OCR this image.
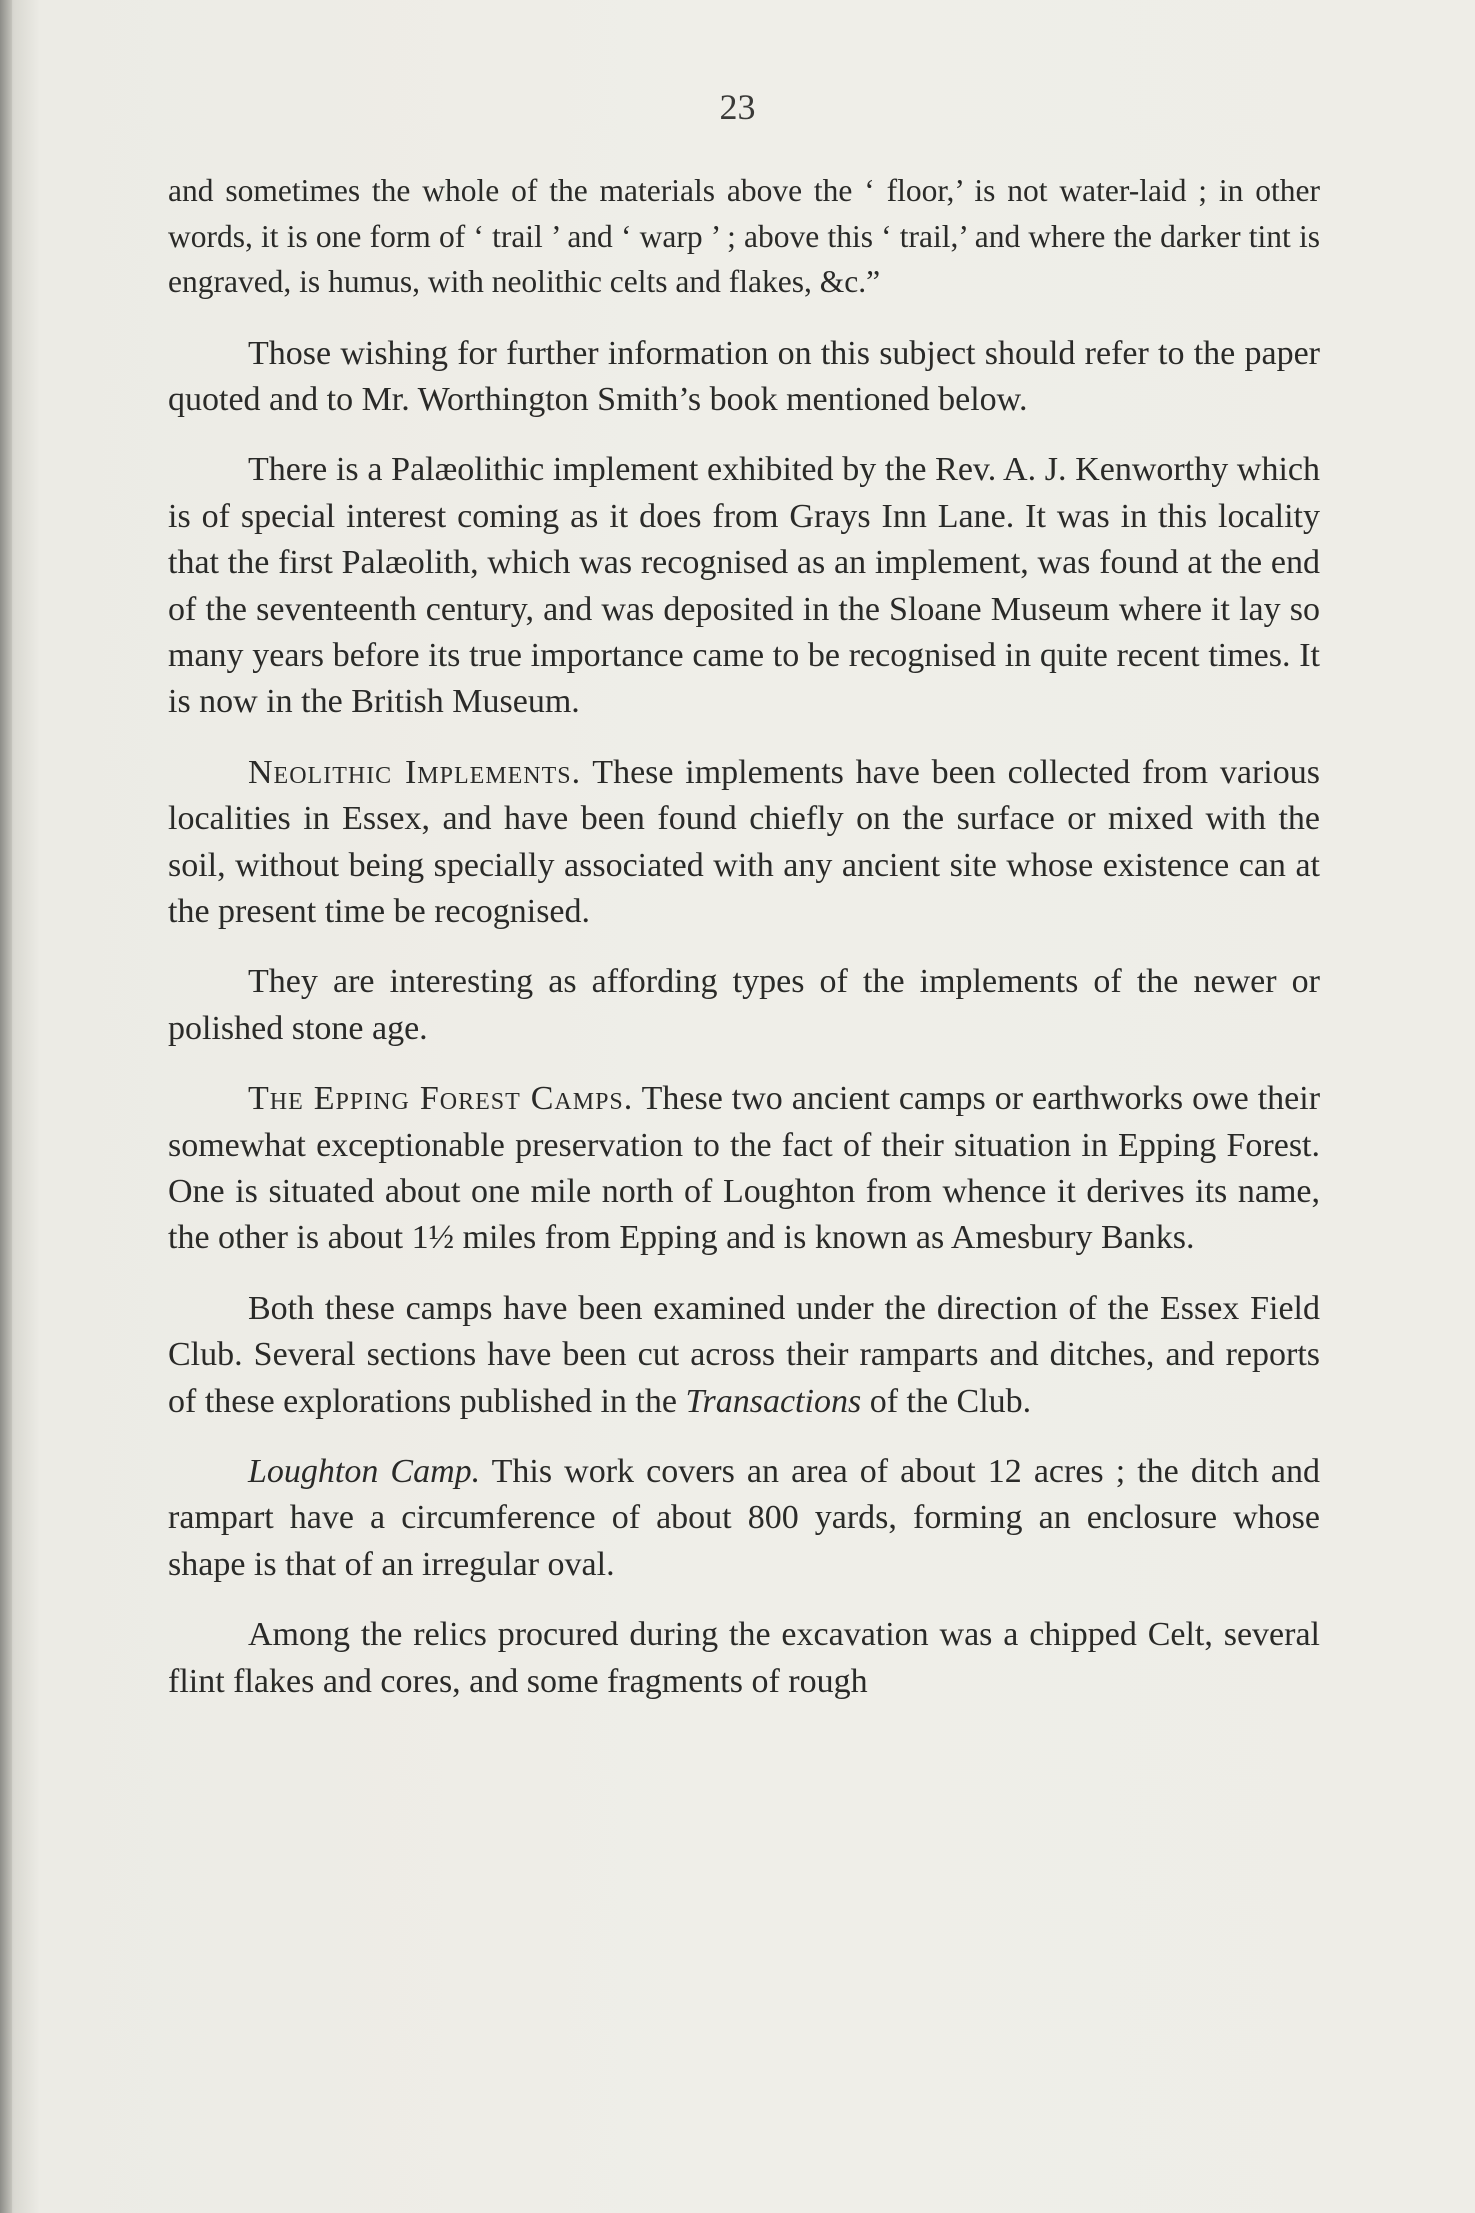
23

and sometimes the whole of the materials above the ‘ floor,’ is not water-laid ; in other words, it is one form of ‘ trail ’ and ‘ warp ’ ; above this ‘ trail,’ and where the darker tint is engraved, is humus, with neolithic celts and flakes, &c.”

Those wishing for further information on this subject should refer to the paper quoted and to Mr. Worthington Smith’s book mentioned below.

There is a Palæolithic implement exhibited by the Rev. A. J. Kenworthy which is of special interest coming as it does from Grays Inn Lane. It was in this locality that the first Palæolith, which was recognised as an implement, was found at the end of the seventeenth century, and was deposited in the Sloane Museum where it lay so many years before its true importance came to be recognised in quite recent times. It is now in the British Museum.

Neolithic Implements. These implements have been collected from various localities in Essex, and have been found chiefly on the surface or mixed with the soil, without being specially associated with any ancient site whose existence can at the present time be recognised.

They are interesting as affording types of the implements of the newer or polished stone age.

The Epping Forest Camps. These two ancient camps or earthworks owe their somewhat exceptionable preservation to the fact of their situation in Epping Forest. One is situated about one mile north of Loughton from whence it derives its name, the other is about 1½ miles from Epping and is known as Amesbury Banks.

Both these camps have been examined under the direction of the Essex Field Club. Several sections have been cut across their ramparts and ditches, and reports of these explorations published in the Transactions of the Club.

Loughton Camp. This work covers an area of about 12 acres ; the ditch and rampart have a circumference of about 800 yards, forming an enclosure whose shape is that of an irregular oval.

Among the relics procured during the excavation was a chipped Celt, several flint flakes and cores, and some fragments of rough
